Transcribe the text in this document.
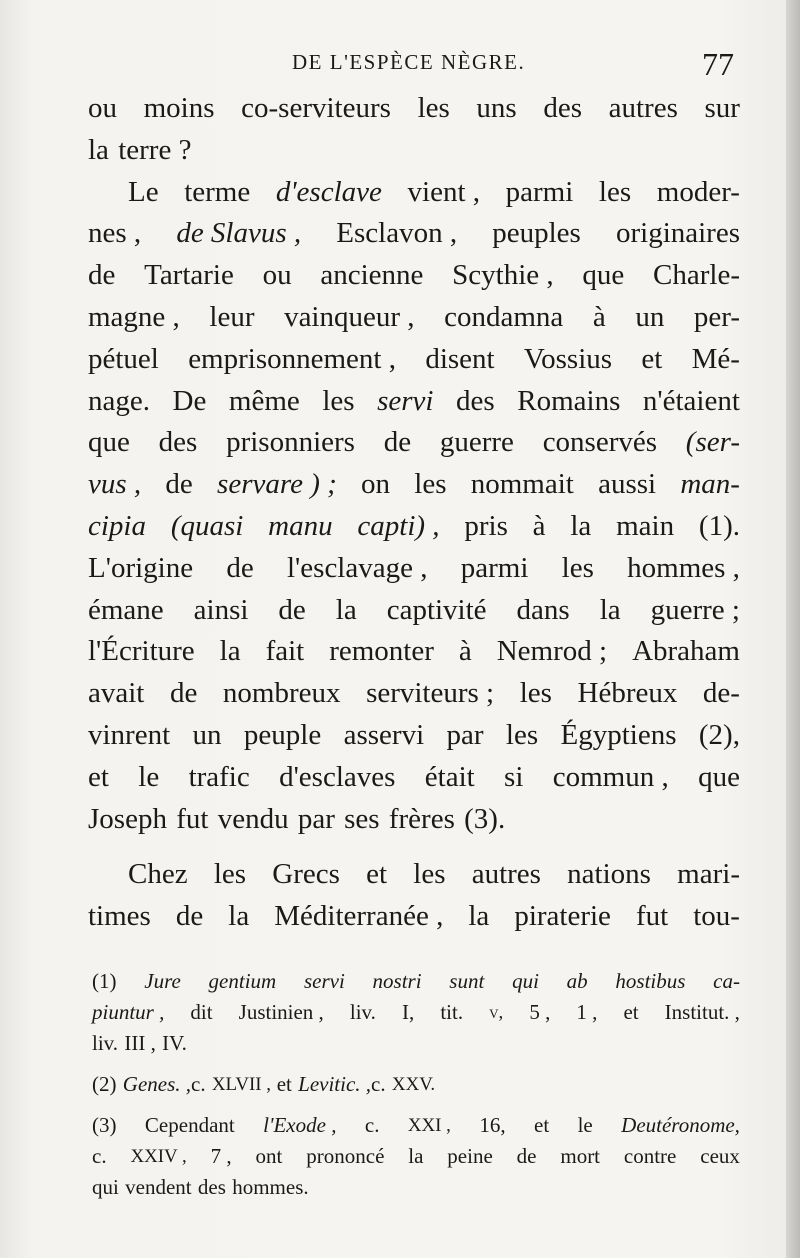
DE L'ESPÈCE NÈGRE.	77
ou moins co-serviteurs les uns des autres sur
la terre ?
Le terme d'esclave vient , parmi les moder-
nes , de Slavus , Esclavon , peuples originaires
de Tartarie ou ancienne Scythie , que Charle-
magne , leur vainqueur , condamna à un per-
pétuel emprisonnement , disent Vossius et Mé-
nage. De même les servi des Romains n'étaient
que des prisonniers de guerre conservés (ser-
vus , de servare ) ; on les nommait aussi man-
cipia (quasi manu capti) , pris à la main (1).
L'origine de l'esclavage , parmi les hommes ,
émane ainsi de la captivité dans la guerre ;
l'Écriture la fait remonter à Nemrod ; Abraham
avait de nombreux serviteurs ; les Hébreux de-
vinrent un peuple asservi par les Égyptiens (2),
et le trafic d'esclaves était si commun , que
Joseph fut vendu par ses frères (3).
Chez les Grecs et les autres nations mari-
times de la Méditerranée , la piraterie fut tou-
(1) Jure gentium servi nostri sunt qui ab hostibus ca-
piuntur , dit Justinien , liv. I, tit. v, 5 , 1 , et Institut. ,
liv. III , IV.
(2) Genes. , c. XLVII , et Levitic. , c. XXV.
(3) Cependant l'Exode , c. XXI , 16, et le Deutéronome,
c. XXIV , 7 , ont prononcé la peine de mort contre ceux
qui vendent des hommes.
